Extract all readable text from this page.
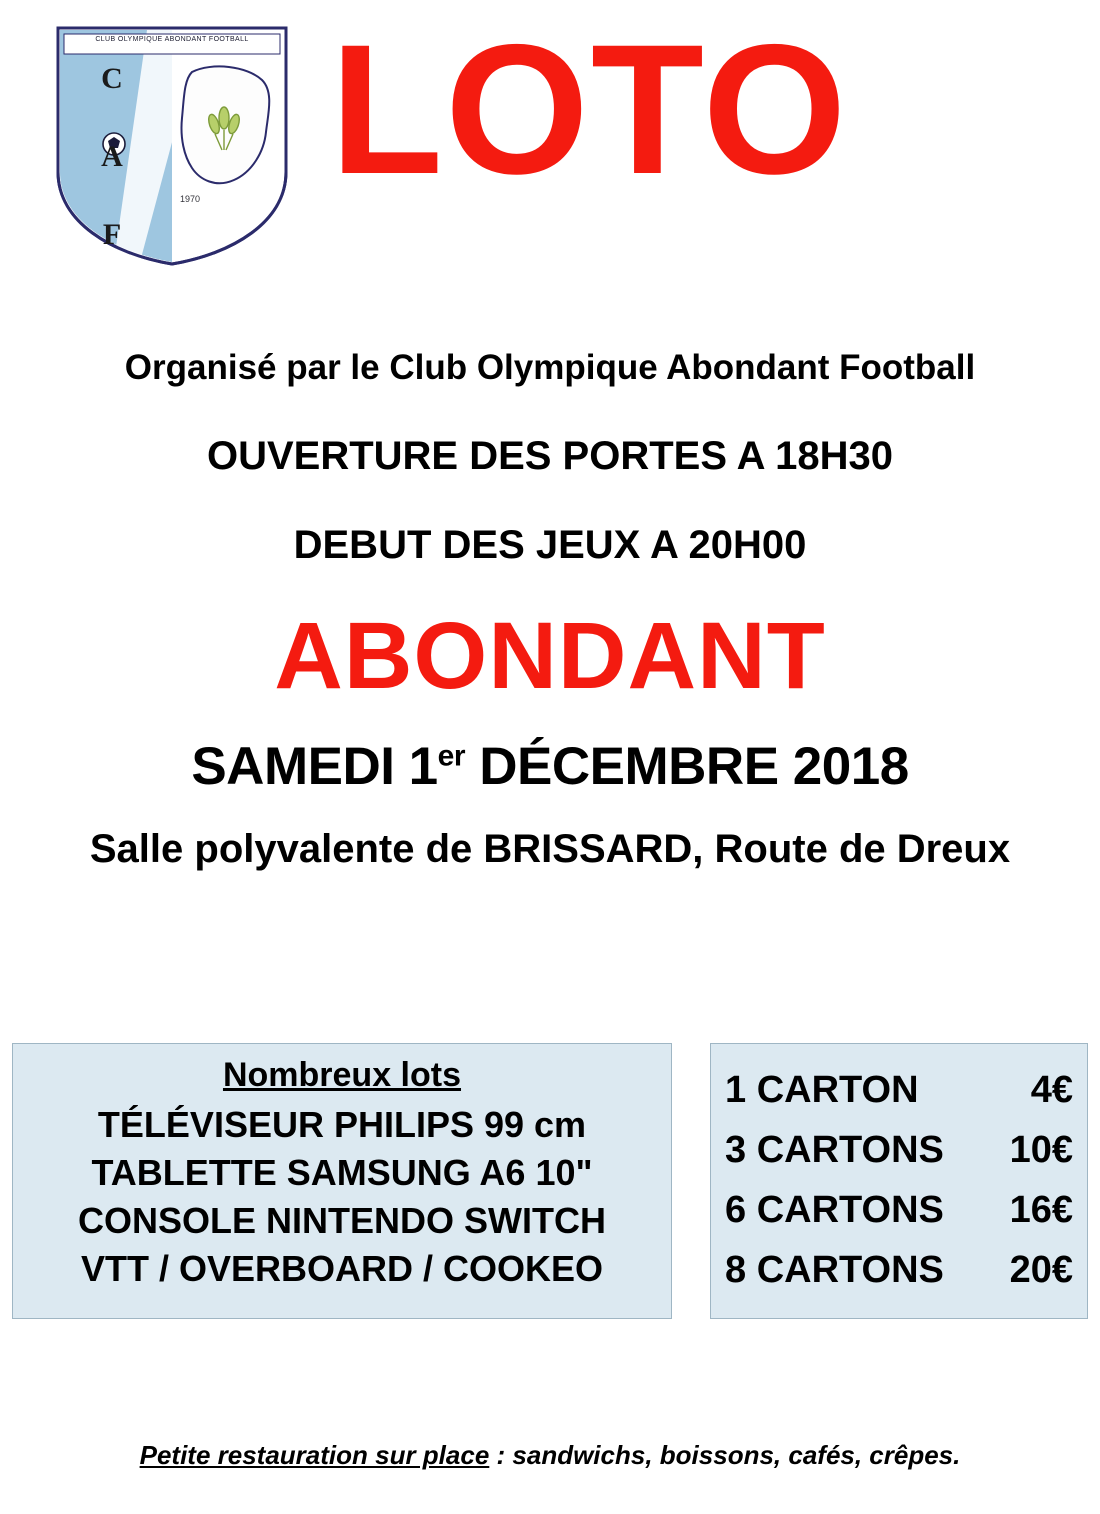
CLUB OLYMPIQUE ABONDANT FOOTBALL
C
A
F
1970 LOTO
Organisé par le Club Olympique Abondant Football
OUVERTURE DES PORTES A 18H30
DEBUT DES JEUX A 20H00
ABONDANT
SAMEDI 1er DÉCEMBRE 2018
Salle polyvalente de BRISSARD, Route de Dreux
Nombreux lots
TÉLÉVISEUR PHILIPS 99 cm
TABLETTE SAMSUNG A6 10"
CONSOLE NINTENDO SWITCH
VTT / OVERBOARD / COOKEO
1 CARTON	4€
3 CARTONS 10€
6 CARTONS 16€
8 CARTONS 20€
Petite restauration sur place : sandwichs, boissons, cafés, crêpes.
